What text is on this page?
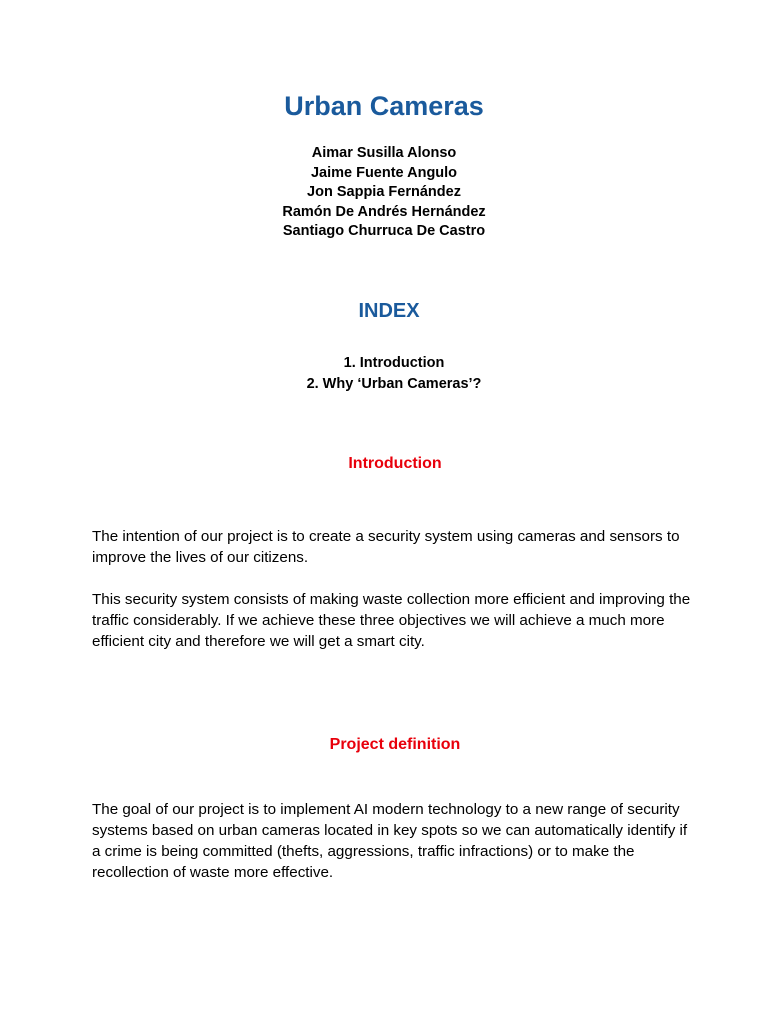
Urban Cameras
Aimar Susilla Alonso
Jaime Fuente Angulo
Jon Sappia Fernández
Ramón De Andrés Hernández
Santiago Churruca De Castro
INDEX
1. Introduction
2. Why ‘Urban Cameras’?
Introduction

The intention of our project is to create a security system using cameras and sensors to improve the lives of our citizens.

This security system consists of making waste collection more efficient and improving the traffic considerably. If we achieve these three objectives we will achieve a much more efficient city and therefore we will get a smart city.

Project definition

The goal of our project is to implement AI modern technology to a new range of security systems based on urban cameras located in key spots so we can automatically identify if a crime is being committed (thefts, aggressions, traffic infractions) or to make the recollection of waste more effective.
